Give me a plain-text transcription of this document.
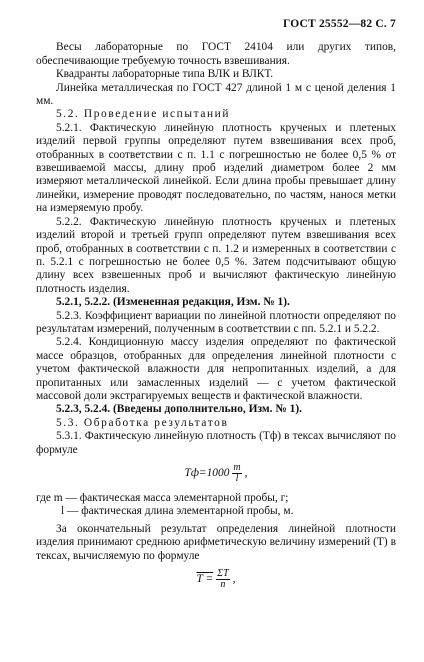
ГОСТ 25552—82 С. 7

Весы лабораторные по ГОСТ 24104 или других типов, обеспечивающие требуемую точность взвешивания.

Квадранты лабораторные типа ВЛК и ВЛКТ.

Линейка металлическая по ГОСТ 427 длиной 1 м с ценой деления 1 мм.

5.2. Проведение испытаний

5.2.1. Фактическую линейную плотность крученых и плетеных изделий первой группы определяют путем взвешивания всех проб, отобранных в соответствии с п. 1.1 с погрешностью не более 0,5 % от взвешиваемой массы, длину проб изделий диаметром более 2 мм измеряют металлической линейкой. Если длина пробы превышает длину линейки, измерение проводят последовательно, по частям, нанося метки на измеряемую пробу.

5.2.2. Фактическую линейную плотность крученых и плетеных изделий второй и третьей групп определяют путем взвешивания всех проб, отобранных в соответствии с п. 1.2 и измеренных в соответствии с п. 5.2.1 с погрешностью не более 0,5 %. Затем подсчитывают общую длину всех взвешенных проб и вычисляют фактическую линейную плотность изделия.

5.2.1, 5.2.2. (Измененная редакция, Изм. № 1).

5.2.3. Коэффициент вариации по линейной плотности определяют по результатам измерений, полученным в соответствии с пп. 5.2.1 и 5.2.2.

5.2.4. Кондиционную массу изделия определяют по фактической массе образцов, отобранных для определения линейной плотности с учетом фактической влажности для непропитанных изделий, а для пропитанных или замасленных изделий — с учетом фактической массовой доли экстрагируемых веществ и фактической влажности.

5.2.3, 5.2.4. (Введены дополнительно, Изм. № 1).

5.3. Обработка результатов

5.3.1. Фактическую линейную плотность (Tф) в тексах вычисляют по формуле

$Tф=1000 \frac{m}{l}$ ,

где m — фактическая масса элементарной пробы, г;

l — фактическая длина элементарной пробы, м.

За окончательный результат определения линейной плотности изделия принимают среднюю арифметическую величину измерений (T) в тексах, вычисляемую по формуле

$T = \frac{\Sigma T}{n}$ ,
